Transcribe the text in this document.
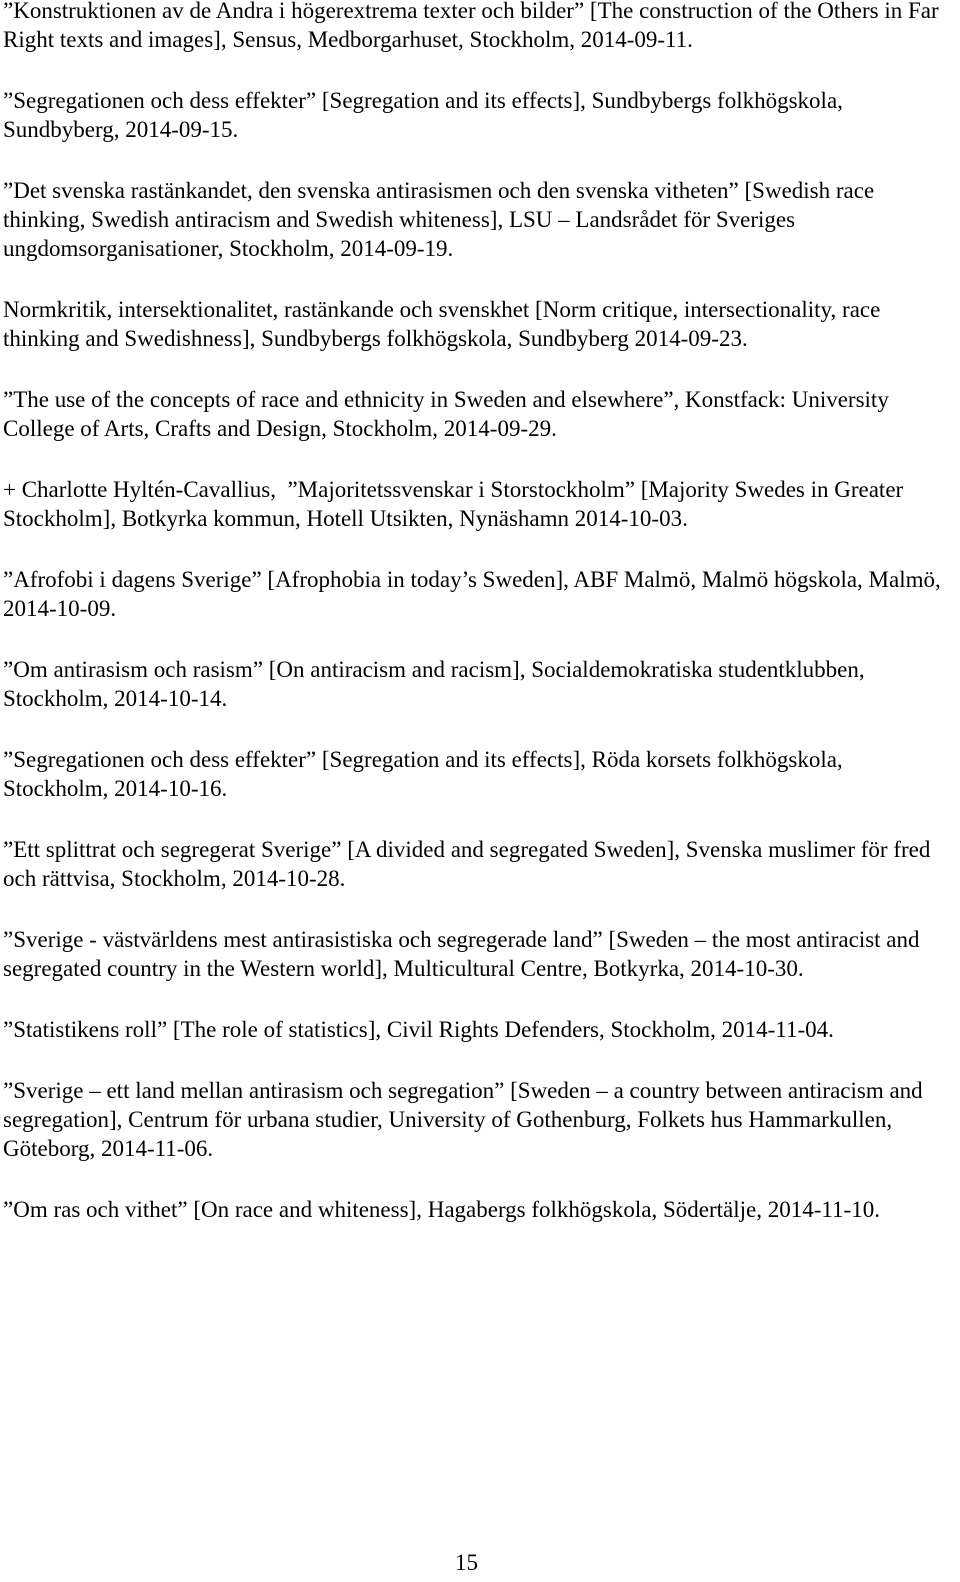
”Konstruktionen av de Andra i högerextrema texter och bilder” [The construction of the Others in Far Right texts and images], Sensus, Medborgarhuset, Stockholm, 2014-09-11.

”Segregationen och dess effekter” [Segregation and its effects], Sundbybergs folkhögskola, Sundbyberg, 2014-09-15.

”Det svenska rastänkandet, den svenska antirasismen och den svenska vitheten” [Swedish race thinking, Swedish antiracism and Swedish whiteness], LSU – Landsrådet för Sveriges ungdomsorganisationer, Stockholm, 2014-09-19.

Normkritik, intersektionalitet, rastänkande och svenskhet [Norm critique, intersectionality, race thinking and Swedishness], Sundbybergs folkhögskola, Sundbyberg 2014-09-23.

”The use of the concepts of race and ethnicity in Sweden and elsewhere”, Konstfack: University College of Arts, Crafts and Design, Stockholm, 2014-09-29.

+ Charlotte Hyltén-Cavallius,  ”Majoritetssvenskar i Storstockholm” [Majority Swedes in Greater Stockholm], Botkyrka kommun, Hotell Utsikten, Nynäshamn 2014-10-03.

”Afrofobi i dagens Sverige” [Afrophobia in today’s Sweden], ABF Malmö, Malmö högskola, Malmö, 2014-10-09.

”Om antirasism och rasism” [On antiracism and racism], Socialdemokratiska studentklubben, Stockholm, 2014-10-14.

”Segregationen och dess effekter” [Segregation and its effects], Röda korsets folkhögskola, Stockholm, 2014-10-16.

”Ett splittrat och segregerat Sverige” [A divided and segregated Sweden], Svenska muslimer för fred och rättvisa, Stockholm, 2014-10-28.

”Sverige - västvärldens mest antirasistiska och segregerade land” [Sweden – the most antiracist and segregated country in the Western world], Multicultural Centre, Botkyrka, 2014-10-30.

”Statistikens roll” [The role of statistics], Civil Rights Defenders, Stockholm, 2014-11-04.

”Sverige – ett land mellan antirasism och segregation” [Sweden – a country between antiracism and segregation], Centrum för urbana studier, University of Gothenburg, Folkets hus Hammarkullen, Göteborg, 2014-11-06.

”Om ras och vithet” [On race and whiteness], Hagabergs folkhögskola, Södertälje, 2014-11-10.

15
